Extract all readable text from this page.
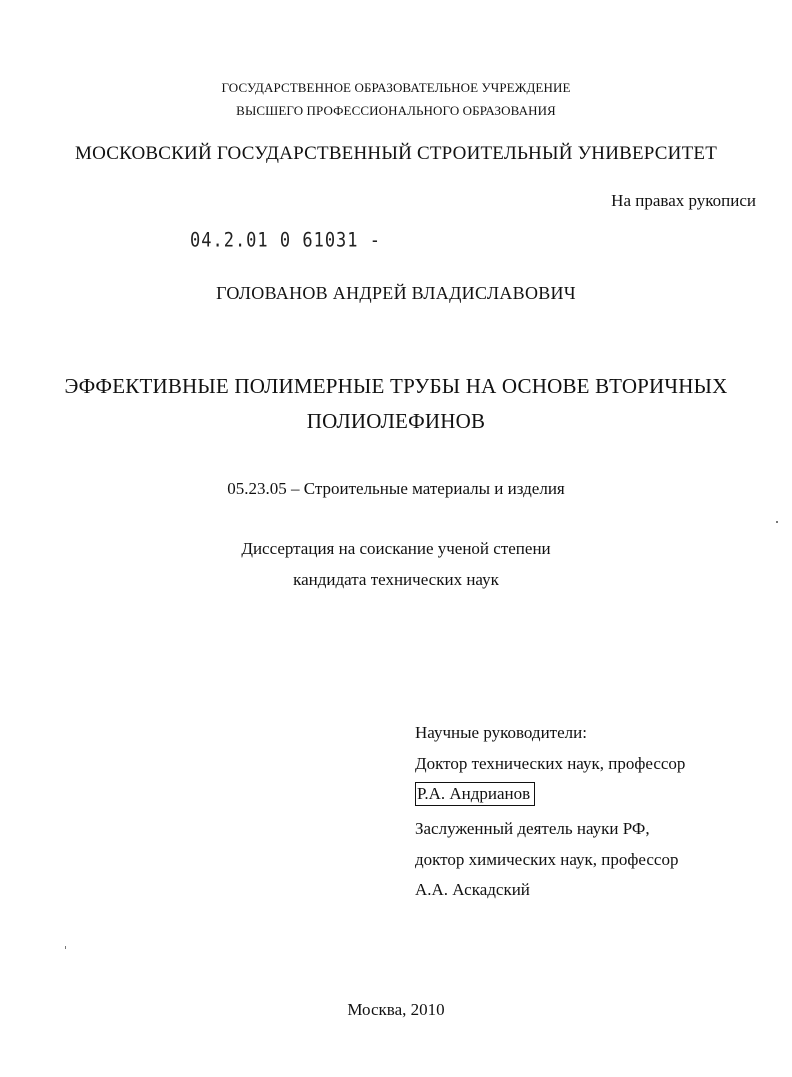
ГОСУДАРСТВЕННОЕ ОБРАЗОВАТЕЛЬНОЕ УЧРЕЖДЕНИЕ
ВЫСШЕГО ПРОФЕССИОНАЛЬНОГО ОБРАЗОВАНИЯ
МОСКОВСКИЙ ГОСУДАРСТВЕННЫЙ СТРОИТЕЛЬНЫЙ УНИВЕРСИТЕТ
На правах рукописи
04.2.01 0 61031 -
ГОЛОВАНОВ АНДРЕЙ ВЛАДИСЛАВОВИЧ
ЭФФЕКТИВНЫЕ ПОЛИМЕРНЫЕ ТРУБЫ НА ОСНОВЕ ВТОРИЧНЫХ
ПОЛИОЛЕФИНОВ
05.23.05 – Строительные материалы и изделия
Диссертация на соискание ученой степени
кандидата технических наук
Научные руководители:
Доктор технических наук, профессор
Р.А. Андрианов
Заслуженный деятель науки РФ,
доктор химических наук, профессор
А.А. Аскадский
Москва, 2010
